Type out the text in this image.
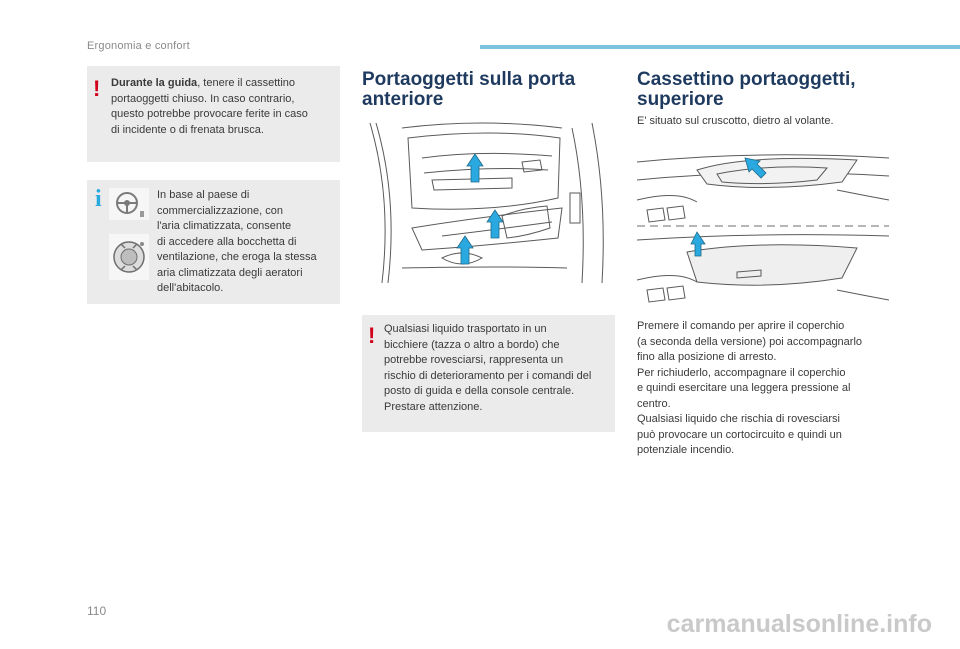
Ergonomia e confort
! Durante la guida, tenere il cassettino
portaoggetti chiuso. In caso contrario,
questo potrebbe provocare ferite in caso
di incidente o di frenata brusca.
i	In base al paese di
commercializzazione, con
l'aria climatizzata, consente
di accedere alla bocchetta di
ventilazione, che eroga la stessa
aria climatizzata degli aeratori
dell'abitacolo.
Portaoggetti sulla porta
anteriore
! Qualsiasi liquido trasportato in un
bicchiere (tazza o altro a bordo) che
potrebbe rovesciarsi, rappresenta un
rischio di deterioramento per i comandi del
posto di guida e della console centrale.
Prestare attenzione.
Cassettino portaoggetti,
superiore
E' situato sul cruscotto, dietro al volante.
Premere il comando per aprire il coperchio
(a seconda della versione) poi accompagnarlo
fino alla posizione di arresto.
Per richiuderlo, accompagnare il coperchio
e quindi esercitare una leggera pressione al
centro.
Qualsiasi liquido che rischia di rovesciarsi
può provocare un cortocircuito e quindi un
potenziale incendio.
110	carmanualsonline.info
